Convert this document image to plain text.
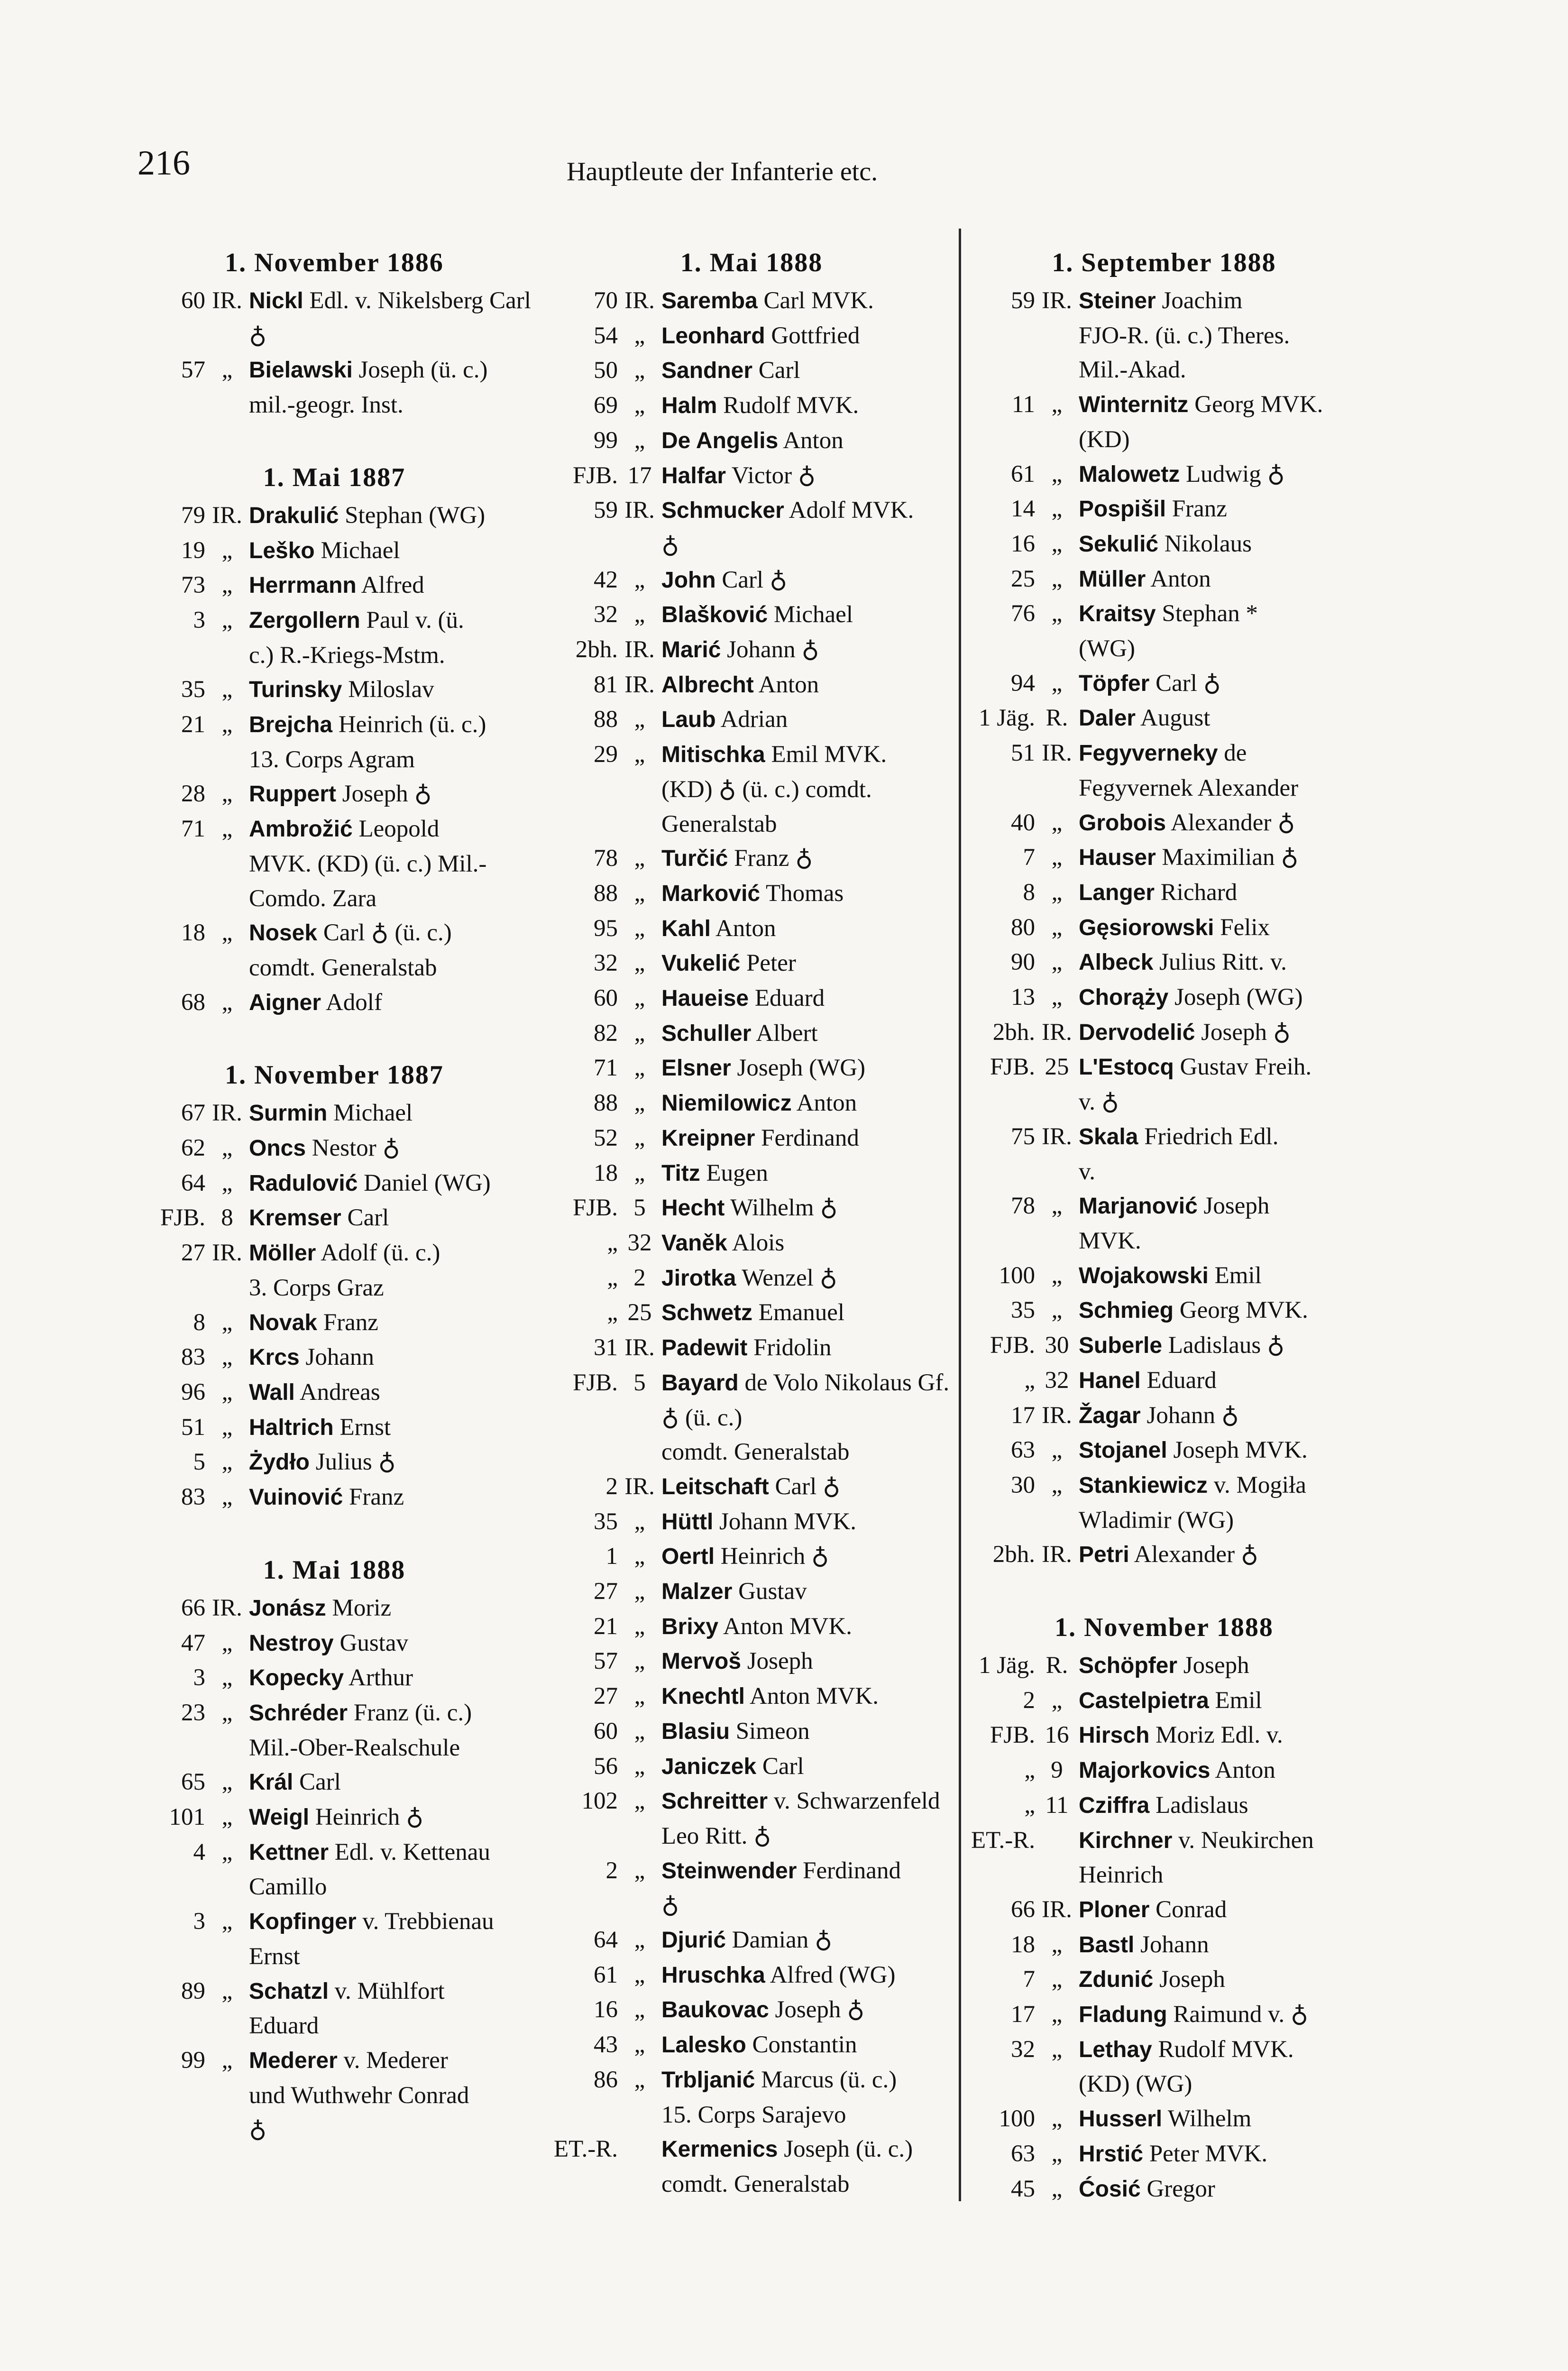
216	Hauptleute der Infanterie etc.
1. November 1886
60 IR. Nickl Edl. v. Nikelsberg Carl ♁
57 „ Bielawski Joseph (ü. c.)
mil.-geogr. Inst.
1. Mai 1887
79 IR. Drakulić Stephan (WG)
19 „ Leško Michael
73 „ Herrmann Alfred
3 „ Zergollern Paul v. (ü.
c.) R.-Kriegs-Mstm.
35 „ Turinsky Miloslav
21 „ Brejcha Heinrich (ü. c.)
13. Corps Agram
28 „ Ruppert Joseph ♁
71 „ Ambrožić Leopold
MVK. (KD) (ü. c.) Mil.-
Comdo. Zara
18 „ Nosek Carl ♁ (ü. c.)
comdt. Generalstab
68 „ Aigner Adolf
1. November 1887
67 IR. Surmin Michael
62 „ Oncs Nestor ♁
64 „ Radulović Daniel (WG)
FJB. 8 Kremser Carl
27 IR. Möller Adolf (ü. c.)
3. Corps Graz
8 „ Novak Franz
83 „ Krcs Johann
96 „ Wall Andreas
51 „ Haltrich Ernst
5 „ Żydło Julius ♁
83 „ Vuinović Franz
1. Mai 1888
66 IR. Jonász Moriz
47 „ Nestroy Gustav
3 „ Kopecky Arthur
23 „ Schréder Franz (ü. c.)
Mil.-Ober-Realschule
65 „ Král Carl
101 „ Weigl Heinrich ♁
4 „ Kettner Edl. v. Kettenau Camillo
3 „ Kopfinger v. Trebbienau
Ernst
89 „ Schatzl v. Mühlfort
Eduard
99 „ Mederer v. Mederer
und Wuthwehr Conrad
♁
1. Mai 1888
70 IR. Saremba Carl MVK.
54 „ Leonhard Gottfried
50 „ Sandner Carl
69 „ Halm Rudolf MVK.
99 „ De Angelis Anton
FJB. 17 Halfar Victor ♁
59 IR. Schmucker Adolf MVK.
♁
42 „ John Carl ♁
32 „ Blašković Michael
2bh. IR. Marić Johann ♁
81 IR. Albrecht Anton
88 „ Laub Adrian
29 „ Mitischka Emil MVK.
(KD) ♁ (ü. c.) comdt.
Generalstab
78 „ Turčić Franz ♁
88 „ Marković Thomas
95 „ Kahl Anton
32 „ Vukelić Peter
60 „ Haueise Eduard
82 „ Schuller Albert
71 „ Elsner Joseph (WG)
88 „ Niemilowicz Anton
52 „ Kreipner Ferdinand
18 „ Titz Eugen
FJB. 5 Hecht Wilhelm ♁
„ 32 Vaněk Alois
„ 2 Jirotka Wenzel ♁
„ 25 Schwetz Emanuel
31 IR. Padewit Fridolin
FJB. 5 Bayard de Volo Nikolaus Gf. ♁ (ü. c.)
comdt. Generalstab
2 IR. Leitschaft Carl ♁
35 „ Hüttl Johann MVK.
1 „ Oertl Heinrich ♁
27 „ Malzer Gustav
21 „ Brixy Anton MVK.
57 „ Mervoš Joseph
27 „ Knechtl Anton MVK.
60 „ Blasiu Simeon
56 „ Janiczek Carl
102 „ Schreitter v. Schwarzenfeld Leo Ritt. ♁
2 „ Steinwender Ferdinand
♁
64 „ Djurić Damian ♁
61 „ Hruschka Alfred (WG)
16 „ Baukovac Joseph ♁
43 „ Lalesko Constantin
86 „ Trbljanić Marcus (ü. c.)
15. Corps Sarajevo
ET.-R. Kermenics Joseph (ü. c.)
comdt. Generalstab
1. September 1888
59 IR. Steiner Joachim
FJO-R. (ü. c.) Theres.
Mil.-Akad.
11 „ Winternitz Georg MVK.
(KD)
61 „ Malowetz Ludwig ♁
14 „ Pospišil Franz
16 „ Sekulić Nikolaus
25 „ Müller Anton
76 „ Kraitsy Stephan *
(WG)
94 „ Töpfer Carl ♁
1 Jäg. R. Daler August
51 IR. Fegyverneky de Fegyvernek Alexander
40 „ Grobois Alexander ♁
7 „ Hauser Maximilian ♁
8 „ Langer Richard
80 „ Gęsiorowski Felix
90 „ Albeck Julius Ritt. v.
13 „ Chorąży Joseph (WG)
2bh. IR. Dervodelić Joseph ♁
FJB. 25 L'Estocq Gustav Freih.
v. ♁
75 IR. Skala Friedrich Edl.
v.
78 „ Marjanović Joseph
MVK.
100 „ Wojakowski Emil
35 „ Schmieg Georg MVK.
FJB. 30 Suberle Ladislaus ♁
„ 32 Hanel Eduard
17 IR. Žagar Johann ♁
63 „ Stojanel Joseph MVK.
30 „ Stankiewicz v. Mogiła
Wladimir (WG)
2bh. IR. Petri Alexander ♁
1. November 1888
1 Jäg. R. Schöpfer Joseph
2 „ Castelpietra Emil
FJB. 16 Hirsch Moriz Edl. v.
„ 9 Majorkovics Anton
„ 11 Cziffra Ladislaus
ET.-R. Kirchner v. Neukirchen
Heinrich
66 IR. Ploner Conrad
18 „ Bastl Johann
7 „ Zdunić Joseph
17 „ Fladung Raimund v. ♁
32 „ Lethay Rudolf MVK.
(KD) (WG)
100 „ Husserl Wilhelm
63 „ Hrstić Peter MVK.
45 „ Ćosić Gregor
